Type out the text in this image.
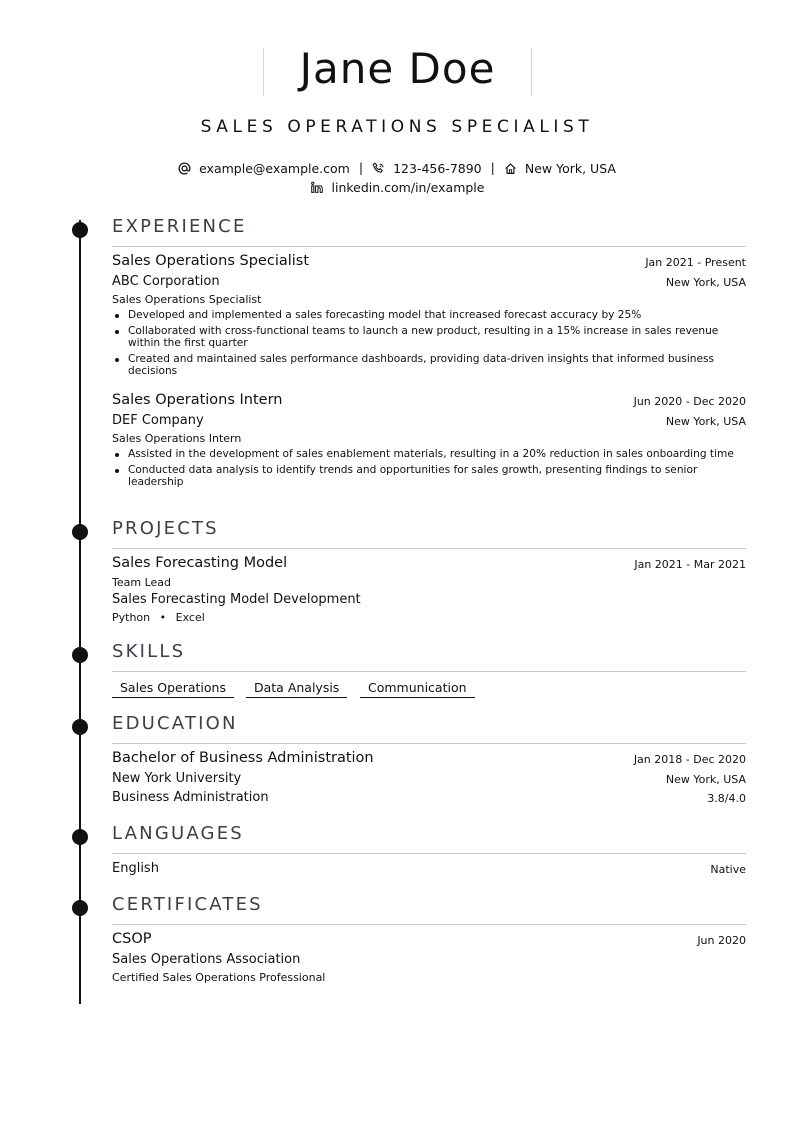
Jane Doe
SALES OPERATIONS SPECIALIST
example@example.com | 123-456-7890 | New York, USA
linkedin.com/in/example
EXPERIENCE
Sales Operations Specialist	Jan 2021 - Present
ABC Corporation	New York, USA
Sales Operations Specialist
Developed and implemented a sales forecasting model that increased forecast accuracy by 25%
Collaborated with cross-functional teams to launch a new product, resulting in a 15% increase in sales revenue within the first quarter
Created and maintained sales performance dashboards, providing data-driven insights that informed business decisions
Sales Operations Intern	Jun 2020 - Dec 2020
DEF Company	New York, USA
Sales Operations Intern
Assisted in the development of sales enablement materials, resulting in a 20% reduction in sales onboarding time
Conducted data analysis to identify trends and opportunities for sales growth, presenting findings to senior leadership
PROJECTS
Sales Forecasting Model	Jan 2021 - Mar 2021
Team Lead
Sales Forecasting Model Development
Python • Excel
SKILLS
Sales Operations	Data Analysis	Communication
EDUCATION
Bachelor of Business Administration	Jan 2018 - Dec 2020
New York University	New York, USA
Business Administration	3.8/4.0
LANGUAGES
English	Native
CERTIFICATES
CSOP	Jun 2020
Sales Operations Association
Certified Sales Operations Professional
